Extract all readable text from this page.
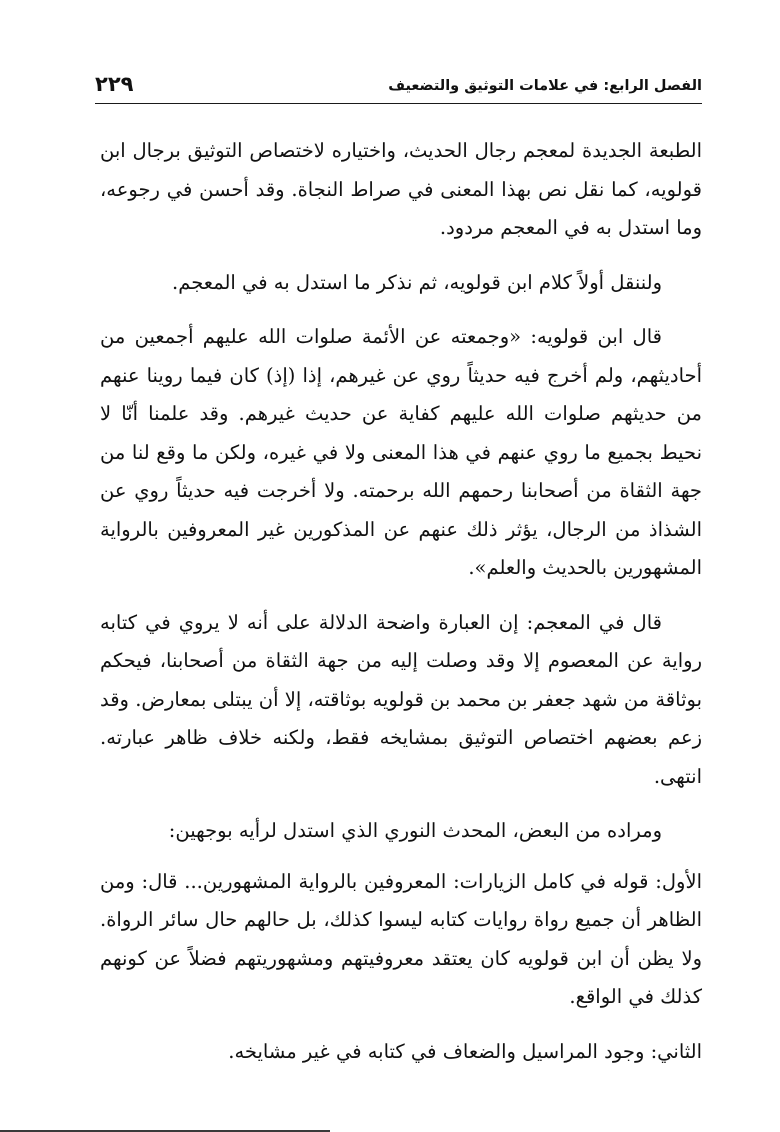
الفصل الرابع: في علامات التوثيق والتضعيف
٢٢٩

الطبعة الجديدة لمعجم رجال الحديث، واختياره لاختصاص التوثيق برجال ابن قولويه، كما نقل نص بهذا المعنى في صراط النجاة. وقد أحسن في رجوعه، وما استدل به في المعجم مردود.

ولننقل أولاً كلام ابن قولويه، ثم نذكر ما استدل به في المعجم.

قال ابن قولويه: «وجمعته عن الأئمة صلوات الله عليهم أجمعين من أحاديثهم، ولم أخرج فيه حديثاً روي عن غيرهم، إذا (إذ) كان فيما روينا عنهم من حديثهم صلوات الله عليهم كفاية عن حديث غيرهم. وقد علمنا أنّا لا نحيط بجميع ما روي عنهم في هذا المعنى ولا في غيره، ولكن ما وقع لنا من جهة الثقاة من أصحابنا رحمهم الله برحمته. ولا أخرجت فيه حديثاً روي عن الشذاذ من الرجال، يؤثر ذلك عنهم عن المذكورين غير المعروفين بالرواية المشهورين بالحديث والعلم».

قال في المعجم: إن العبارة واضحة الدلالة على أنه لا يروي في كتابه رواية عن المعصوم إلا وقد وصلت إليه من جهة الثقاة من أصحابنا، فيحكم بوثاقة من شهد جعفر بن محمد بن قولويه بوثاقته، إلا أن يبتلى بمعارض. وقد زعم بعضهم اختصاص التوثيق بمشايخه فقط، ولكنه خلاف ظاهر عبارته. انتهى.

ومراده من البعض، المحدث النوري الذي استدل لرأيه بوجهين:

الأول: قوله في كامل الزيارات: المعروفين بالرواية المشهورين... قال: ومن الظاهر أن جميع رواة روايات كتابه ليسوا كذلك، بل حالهم حال سائر الرواة. ولا يظن أن ابن قولويه كان يعتقد معروفيتهم ومشهوريتهم فضلاً عن كونهم كذلك في الواقع.

الثاني: وجود المراسيل والضعاف في كتابه في غير مشايخه.
